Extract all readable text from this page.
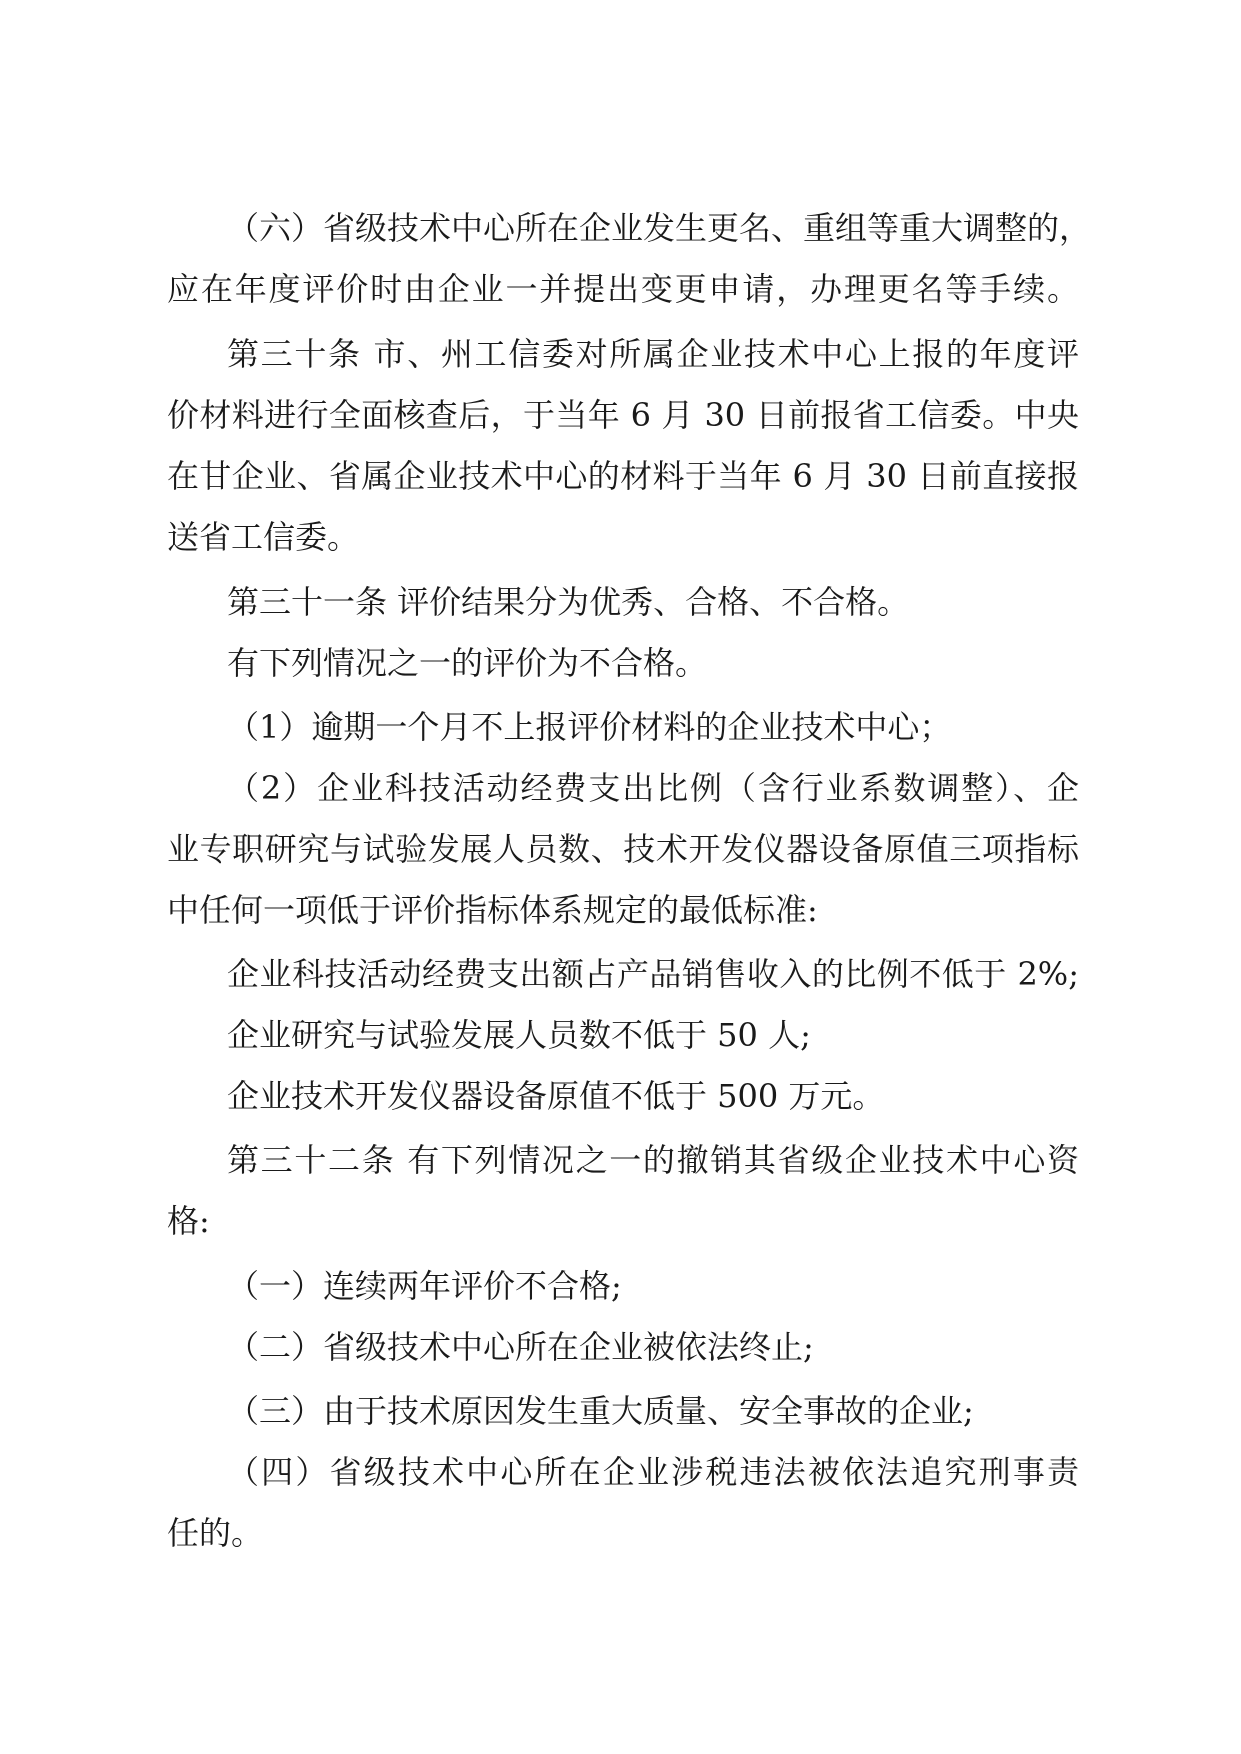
（六）省级技术中心所在企业发生更名、重组等重大调整的，
应在年度评价时由企业一并提出变更申请，办理更名等手续。
第三十条 市、州工信委对所属企业技术中心上报的年度评
价材料进行全面核查后，于当年 6 月 30 日前报省工信委。中央
在甘企业、省属企业技术中心的材料于当年 6 月 30 日前直接报
送省工信委。
第三十一条 评价结果分为优秀、合格、不合格。
有下列情况之一的评价为不合格。
（1）逾期一个月不上报评价材料的企业技术中心；
（2）企业科技活动经费支出比例（含行业系数调整）、企
业专职研究与试验发展人员数、技术开发仪器设备原值三项指标
中任何一项低于评价指标体系规定的最低标准:
企业科技活动经费支出额占产品销售收入的比例不低于 2%;
企业研究与试验发展人员数不低于 50 人;
企业技术开发仪器设备原值不低于 500 万元。
第三十二条 有下列情况之一的撤销其省级企业技术中心资
格:
（一）连续两年评价不合格;
（二）省级技术中心所在企业被依法终止;
（三）由于技术原因发生重大质量、安全事故的企业;
（四）省级技术中心所在企业涉税违法被依法追究刑事责
任的。
